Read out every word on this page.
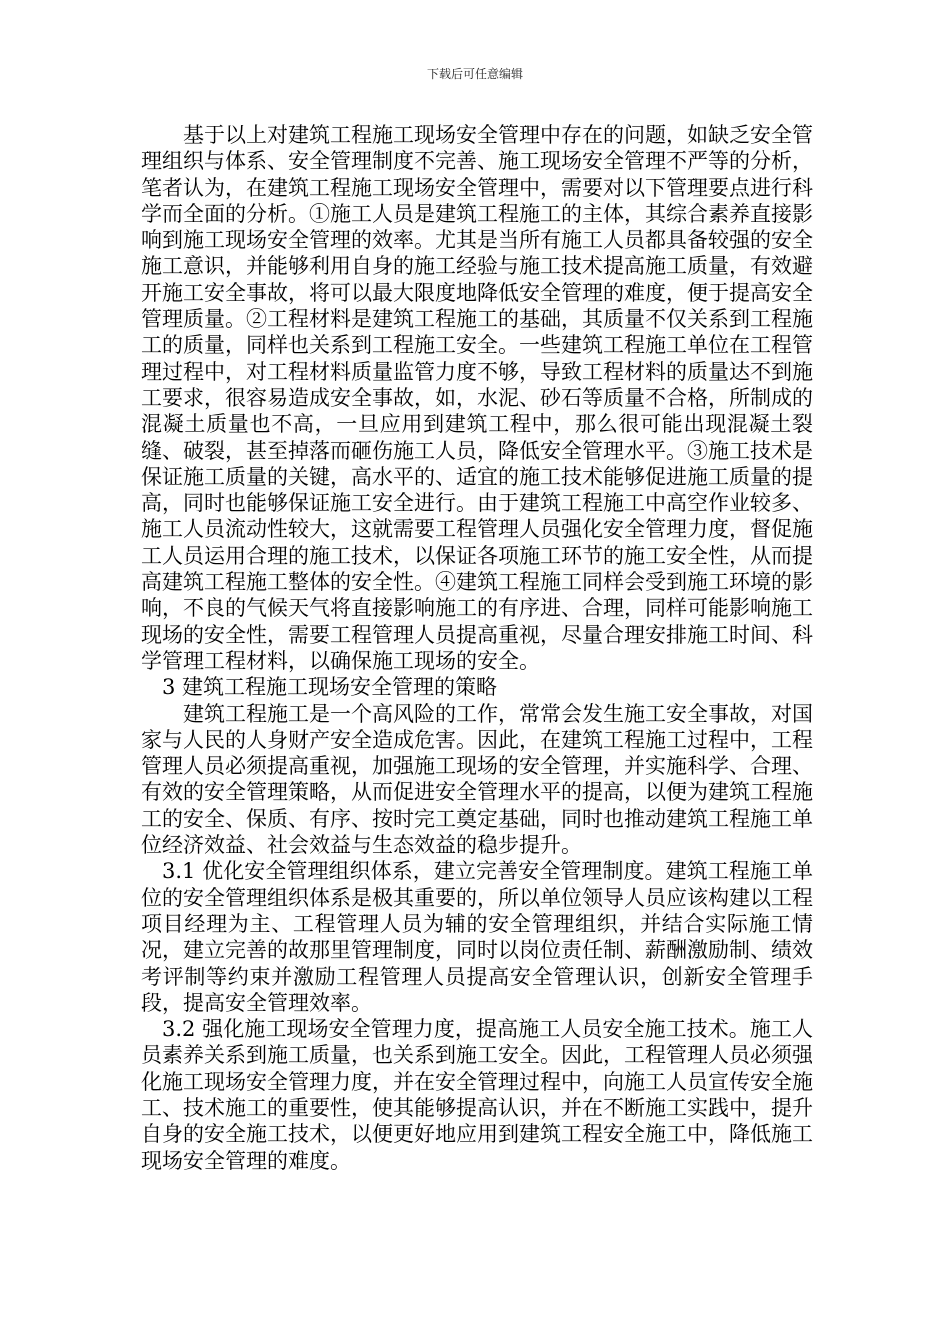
下载后可任意编辑

基于以上对建筑工程施工现场安全管理中存在的问题，如缺乏安全管理组织与体系、安全管理制度不完善、施工现场安全管理不严等的分析，笔者认为，在建筑工程施工现场安全管理中，需要对以下管理要点进行科学而全面的分析。①施工人员是建筑工程施工的主体，其综合素养直接影响到施工现场安全管理的效率。尤其是当所有施工人员都具备较强的安全施工意识，并能够利用自身的施工经验与施工技术提高施工质量，有效避开施工安全事故，将可以最大限度地降低安全管理的难度，便于提高安全管理质量。②工程材料是建筑工程施工的基础，其质量不仅关系到工程施工的质量，同样也关系到工程施工安全。一些建筑工程施工单位在工程管理过程中，对工程材料质量监管力度不够，导致工程材料的质量达不到施工要求，很容易造成安全事故，如，水泥、砂石等质量不合格，所制成的混凝土质量也不高，一旦应用到建筑工程中，那么很可能出现混凝土裂缝、破裂，甚至掉落而砸伤施工人员，降低安全管理水平。③施工技术是保证施工质量的关键，高水平的、适宜的施工技术能够促进施工质量的提高，同时也能够保证施工安全进行。由于建筑工程施工中高空作业较多、施工人员流动性较大，这就需要工程管理人员强化安全管理力度，督促施工人员运用合理的施工技术，以保证各项施工环节的施工安全性，从而提高建筑工程施工整体的安全性。④建筑工程施工同样会受到施工环境的影响，不良的气候天气将直接影响施工的有序进、合理，同样可能影响施工现场的安全性，需要工程管理人员提高重视，尽量合理安排施工时间、科学管理工程材料，以确保施工现场的安全。

3 建筑工程施工现场安全管理的策略

建筑工程施工是一个高风险的工作，常常会发生施工安全事故，对国家与人民的人身财产安全造成危害。因此，在建筑工程施工过程中，工程管理人员必须提高重视，加强施工现场的安全管理，并实施科学、合理、有效的安全管理策略，从而促进安全管理水平的提高，以便为建筑工程施工的安全、保质、有序、按时完工奠定基础，同时也推动建筑工程施工单位经济效益、社会效益与生态效益的稳步提升。

3.1 优化安全管理组织体系，建立完善安全管理制度。建筑工程施工单位的安全管理组织体系是极其重要的，所以单位领导人员应该构建以工程项目经理为主、工程管理人员为辅的安全管理组织，并结合实际施工情况，建立完善的故那里管理制度，同时以岗位责任制、薪酬激励制、绩效考评制等约束并激励工程管理人员提高安全管理认识，创新安全管理手段，提高安全管理效率。

3.2 强化施工现场安全管理力度，提高施工人员安全施工技术。施工人员素养关系到施工质量，也关系到施工安全。因此，工程管理人员必须强化施工现场安全管理力度，并在安全管理过程中，向施工人员宣传安全施工、技术施工的重要性，使其能够提高认识，并在不断施工实践中，提升自身的安全施工技术，以便更好地应用到建筑工程安全施工中，降低施工现场安全管理的难度。
